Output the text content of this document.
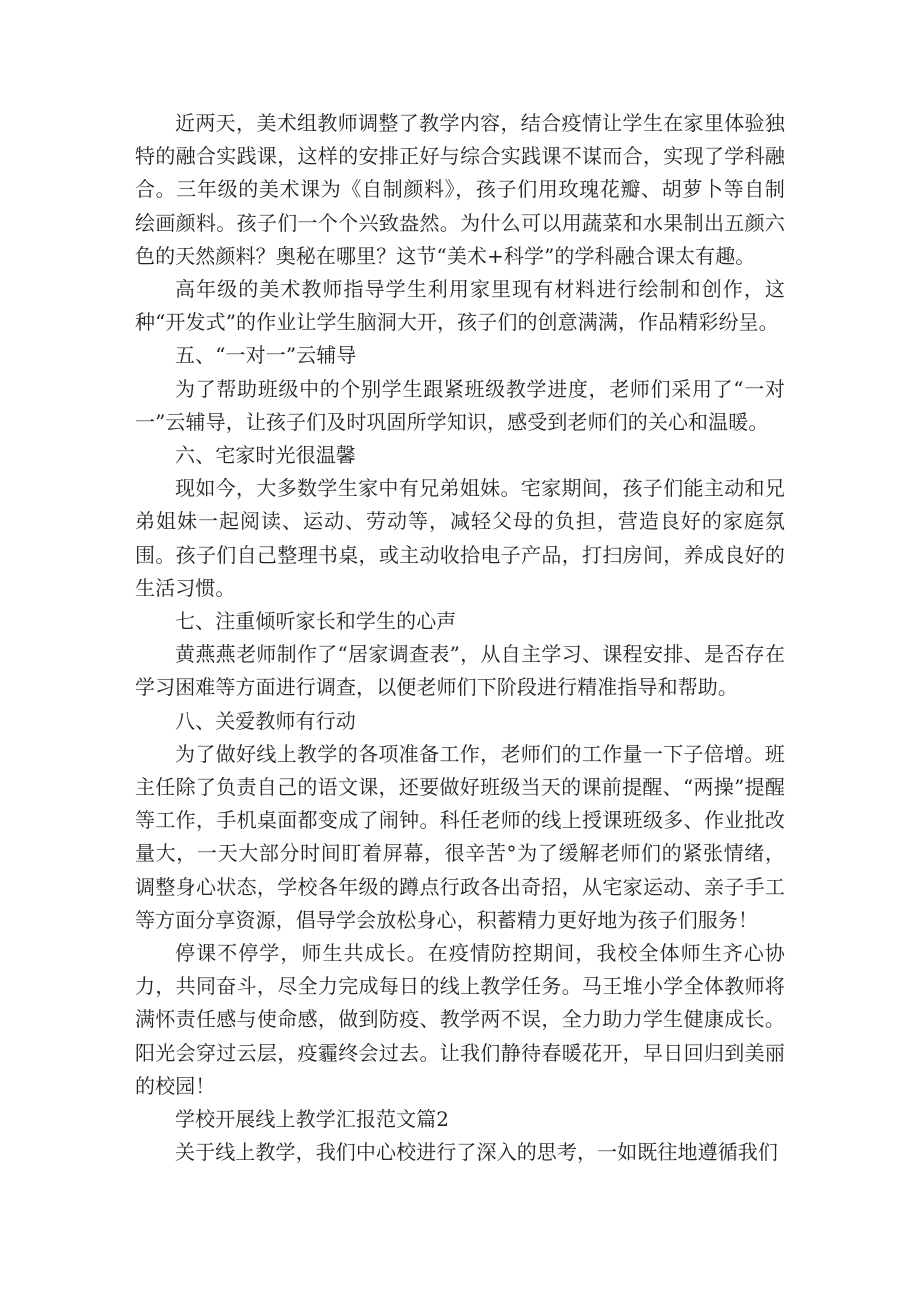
近两天，美术组教师调整了教学内容，结合疫情让学生在家里体验独特的融合实践课，这样的安排正好与综合实践课不谋而合，实现了学科融合。三年级的美术课为《自制颜料》，孩子们用玫瑰花瓣、胡萝卜等自制绘画颜料。孩子们一个个兴致盎然。为什么可以用蔬菜和水果制出五颜六色的天然颜料？奥秘在哪里？这节“美术+科学”的学科融合课太有趣。

高年级的美术教师指导学生利用家里现有材料进行绘制和创作，这种“开发式”的作业让学生脑洞大开，孩子们的创意满满，作品精彩纷呈。

五、“一对一”云辅导

为了帮助班级中的个别学生跟紧班级教学进度，老师们采用了“一对一”云辅导，让孩子们及时巩固所学知识，感受到老师们的关心和温暖。

六、宅家时光很温馨

现如今，大多数学生家中有兄弟姐妹。宅家期间，孩子们能主动和兄弟姐妹一起阅读、运动、劳动等，减轻父母的负担，营造良好的家庭氛围。孩子们自己整理书桌，或主动收拾电子产品，打扫房间，养成良好的生活习惯。

七、注重倾听家长和学生的心声

黄燕燕老师制作了“居家调查表”，从自主学习、课程安排、是否存在学习困难等方面进行调查，以便老师们下阶段进行精准指导和帮助。

八、关爱教师有行动

为了做好线上教学的各项准备工作，老师们的工作量一下子倍增。班主任除了负责自己的语文课，还要做好班级当天的课前提醒、“两操”提醒等工作，手机桌面都变成了闹钟。科任老师的线上授课班级多、作业批改量大，一天大部分时间盯着屏幕，很辛苦°为了缓解老师们的紧张情绪，调整身心状态，学校各年级的蹲点行政各出奇招，从宅家运动、亲子手工等方面分享资源，倡导学会放松身心，积蓄精力更好地为孩子们服务！

停课不停学，师生共成长。在疫情防控期间，我校全体师生齐心协力，共同奋斗，尽全力完成每日的线上教学任务。马王堆小学全体教师将满怀责任感与使命感，做到防疫、教学两不误，全力助力学生健康成长。阳光会穿过云层，疫霾终会过去。让我们静待春暖花开，早日回归到美丽的校园！

学校开展线上教学汇报范文篇2

关于线上教学，我们中心校进行了深入的思考，一如既往地遵循我们
